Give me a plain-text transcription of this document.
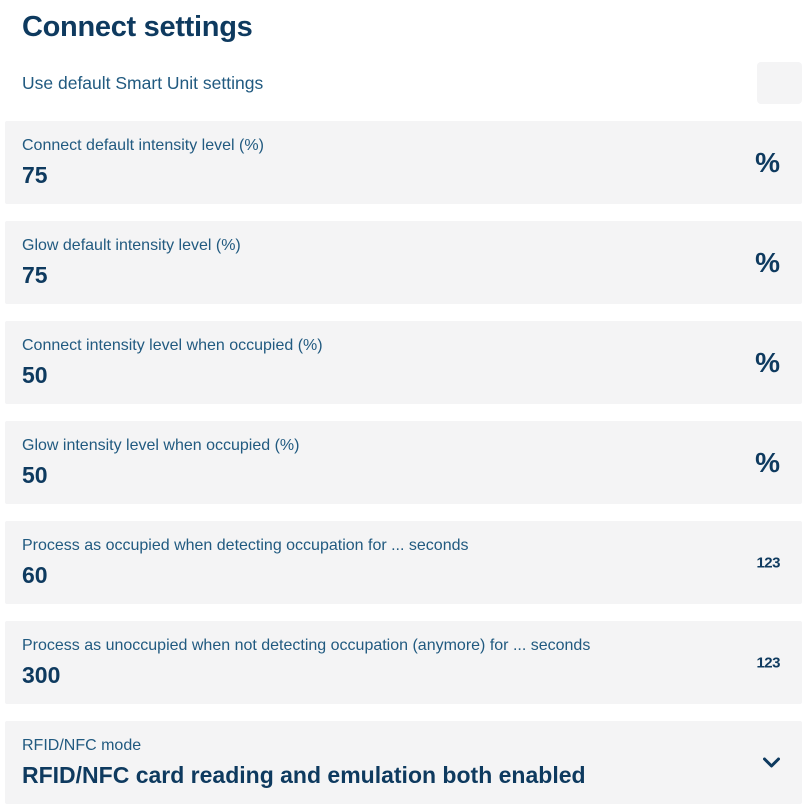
Connect settings
Use default Smart Unit settings
Connect default intensity level (%)
75	%
Glow default intensity level (%)
75	%
Connect intensity level when occupied (%)
50	%
Glow intensity level when occupied (%)
50	%
Process as occupied when detecting occupation for ... seconds
60	123
Process as unoccupied when not detecting occupation (anymore) for ... seconds
300	123
RFID/NFC mode
RFID/NFC card reading and emulation both enabled
